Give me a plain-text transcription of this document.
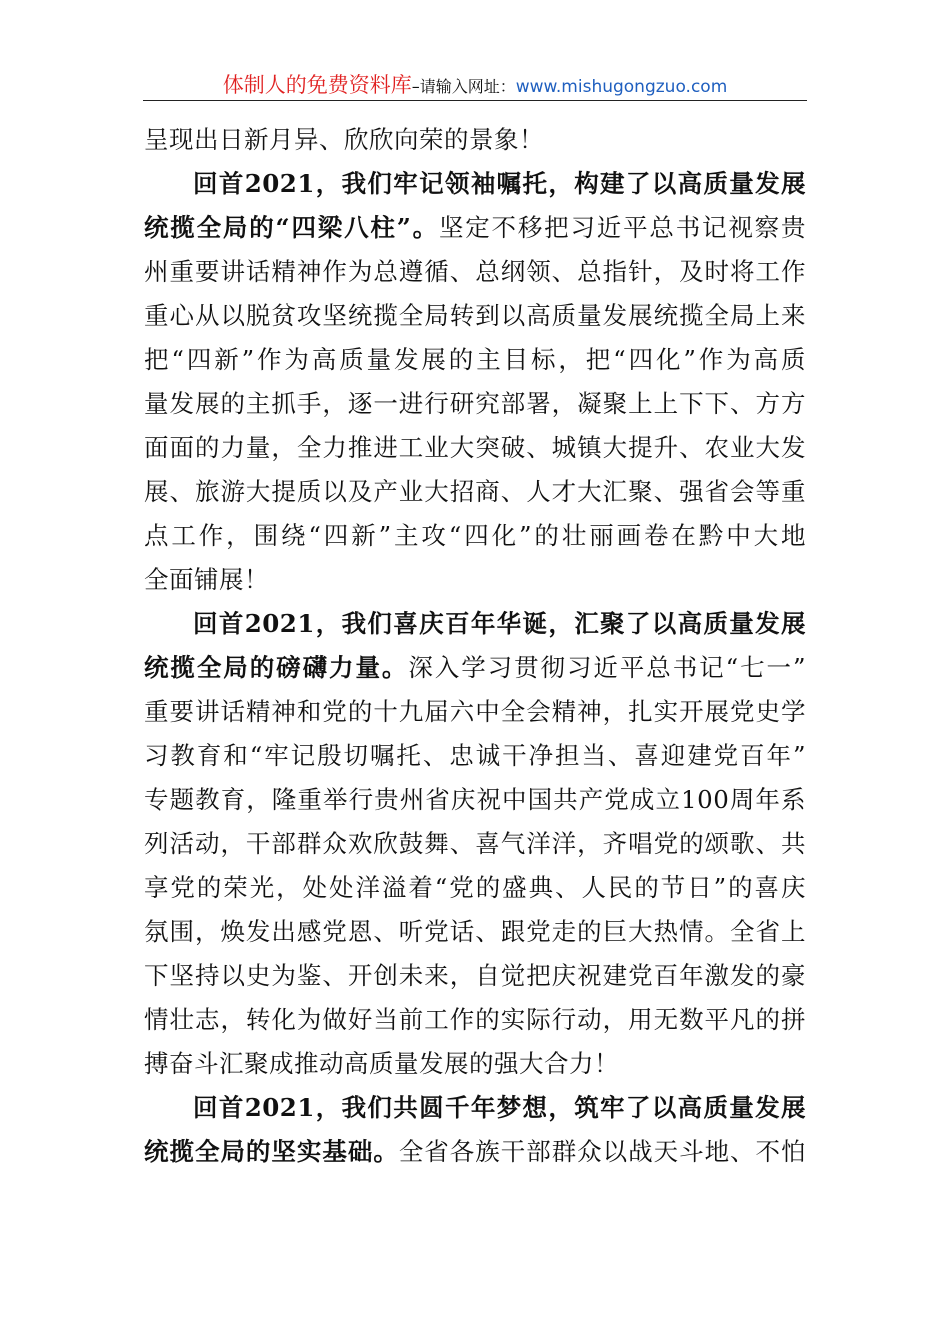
体制人的免费资料库–请输入网址：www.mishugongzuo.com
呈现出日新月异、欣欣向荣的景象！
回首2021，我们牢记领袖嘱托，构建了以高质量发展
统揽全局的“四梁八柱”。坚定不移把习近平总书记视察贵
州重要讲话精神作为总遵循、总纲领、总指针，及时将工作
重心从以脱贫攻坚统揽全局转到以高质量发展统揽全局上来
把“四新”作为高质量发展的主目标，把“四化”作为高质
量发展的主抓手，逐一进行研究部署，凝聚上上下下、方方
面面的力量，全力推进工业大突破、城镇大提升、农业大发
展、旅游大提质以及产业大招商、人才大汇聚、强省会等重
点工作，围绕“四新”主攻“四化”的壮丽画卷在黔中大地
全面铺展！
回首2021，我们喜庆百年华诞，汇聚了以高质量发展
统揽全局的磅礴力量。深入学习贯彻习近平总书记“七一”
重要讲话精神和党的十九届六中全会精神，扎实开展党史学
习教育和“牢记殷切嘱托、忠诚干净担当、喜迎建党百年”
专题教育，隆重举行贵州省庆祝中国共产党成立100周年系
列活动，干部群众欢欣鼓舞、喜气洋洋，齐唱党的颂歌、共
享党的荣光，处处洋溢着“党的盛典、人民的节日”的喜庆
氛围，焕发出感党恩、听党话、跟党走的巨大热情。全省上
下坚持以史为鉴、开创未来，自觉把庆祝建党百年激发的豪
情壮志，转化为做好当前工作的实际行动，用无数平凡的拼
搏奋斗汇聚成推动高质量发展的强大合力！
回首2021，我们共圆千年梦想，筑牢了以高质量发展
统揽全局的坚实基础。全省各族干部群众以战天斗地、不怕
